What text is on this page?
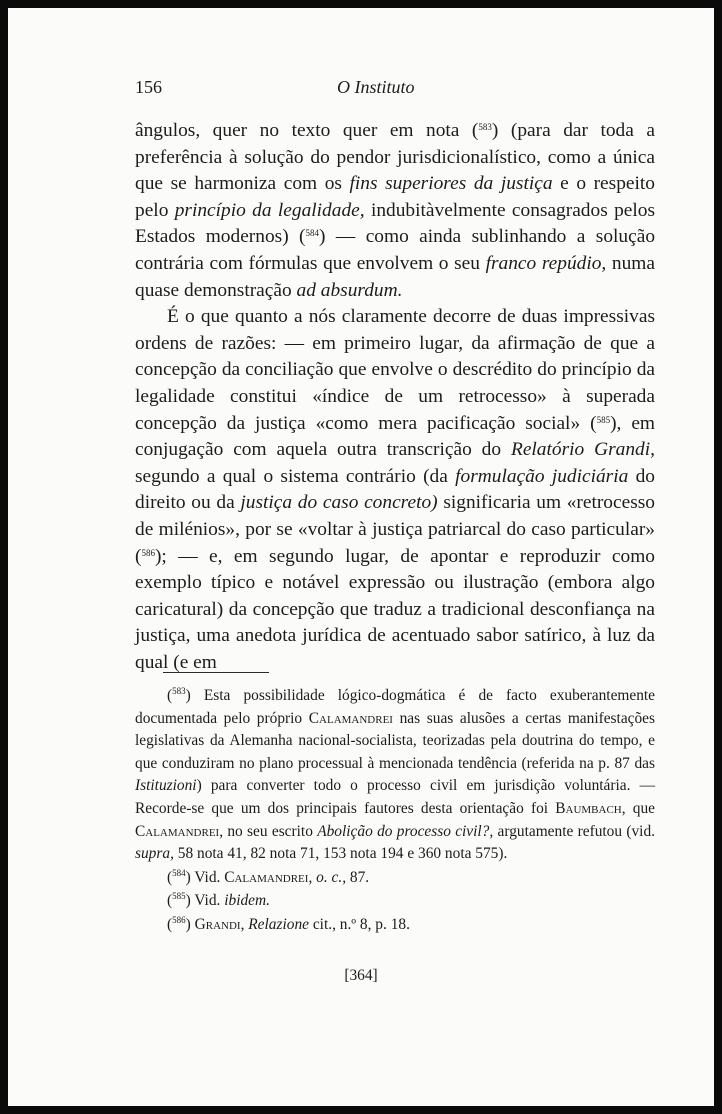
156	O Instituto

ângulos, quer no texto quer em nota ($^{583}$) (para dar toda a preferência à solução do pendor jurisdicionalístico, como a única que se harmoniza com os fins superiores da justiça e o respeito pelo princípio da legalidade, indubitàvelmente consagrados pelos Estados modernos) ($^{584}$) — como ainda sublinhando a solução contrária com fórmulas que envolvem o seu franco repúdio, numa quase demonstração ad absurdum.

É o que quanto a nós claramente decorre de duas impressivas ordens de razões: — em primeiro lugar, da afirmação de que a concepção da conciliação que envolve o descrédito do princípio da legalidade constitui «índice de um retrocesso» à superada concepção da justiça «como mera pacificação social» ($^{585}$), em conjugação com aquela outra transcrição do Relatório Grandi, segundo a qual o sistema contrário (da formulação judiciária do direito ou da justiça do caso concreto) significaria um «retrocesso de milénios», por se «voltar à justiça patriarcal do caso particular» ($^{586}$); — e, em segundo lugar, de apontar e reproduzir como exemplo típico e notável expressão ou ilustração (embora algo caricatural) da concepção que traduz a tradicional desconfiança na justiça, uma anedota jurídica de acentuado sabor satírico, à luz da qual (e em

($^{583}$) Esta possibilidade lógico-dogmática é de facto exuberantemente documentada pelo próprio Calamandrei nas suas alusões a certas manifestações legislativas da Alemanha nacional-socialista, teorizadas pela doutrina do tempo, e que conduziram no plano processual à mencionada tendência (referida na p. 87 das Istituzioni) para converter todo o processo civil em jurisdição voluntária. — Recorde-se que um dos principais fautores desta orientação foi Baumbach, que Calamandrei, no seu escrito Abolição do processo civil?, argutamente refutou (vid. supra, 58 nota 41, 82 nota 71, 153 nota 194 e 360 nota 575).

($^{584}$) Vid. Calamandrei, o. c., 87.

($^{585}$) Vid. ibidem.

($^{586}$) Grandi, Relazione cit., n.º 8, p. 18.

[364]
